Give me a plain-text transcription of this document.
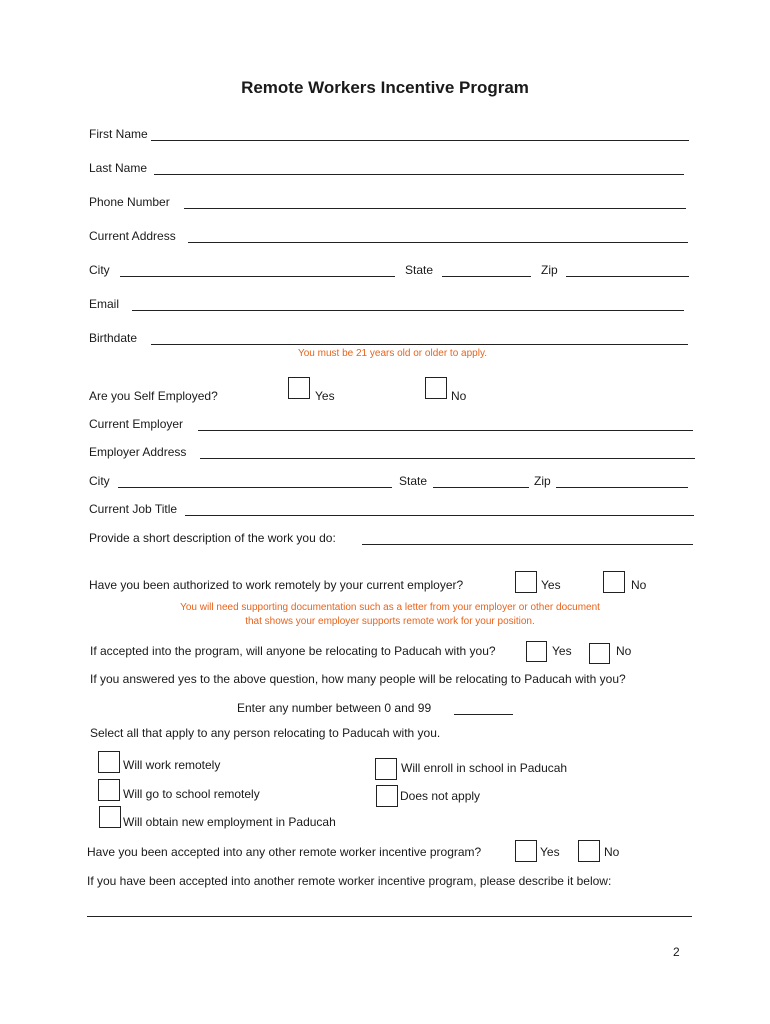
Remote Workers Incentive Program
First Name
Last Name
Phone Number
Current Address
City	State	Zip
Email
Birthdate
You must be 21 years old or older to apply.
Are you Self Employed?	Yes	No
Current Employer
Employer Address
City	State	Zip
Current Job Title
Provide a short description of the work you do:
Have you been authorized to work remotely by your current employer?	Yes	No
You will need supporting documentation such as a letter from your employer or other document
that shows your employer supports remote work for your position.
If accepted into the program, will anyone be relocating to Paducah with you?	Yes	No
If you answered yes to the above question, how many people will be relocating to Paducah with you?
Enter any number between 0 and 99
Select all that apply to any person relocating to Paducah with you.
Will work remotely
Will go to school remotely
Will obtain new employment in Paducah
Will enroll in school in Paducah
Does not apply
Have you been accepted into any other remote worker incentive program?	Yes	No
If you have been accepted into another remote worker incentive program, please describe it below:
2
